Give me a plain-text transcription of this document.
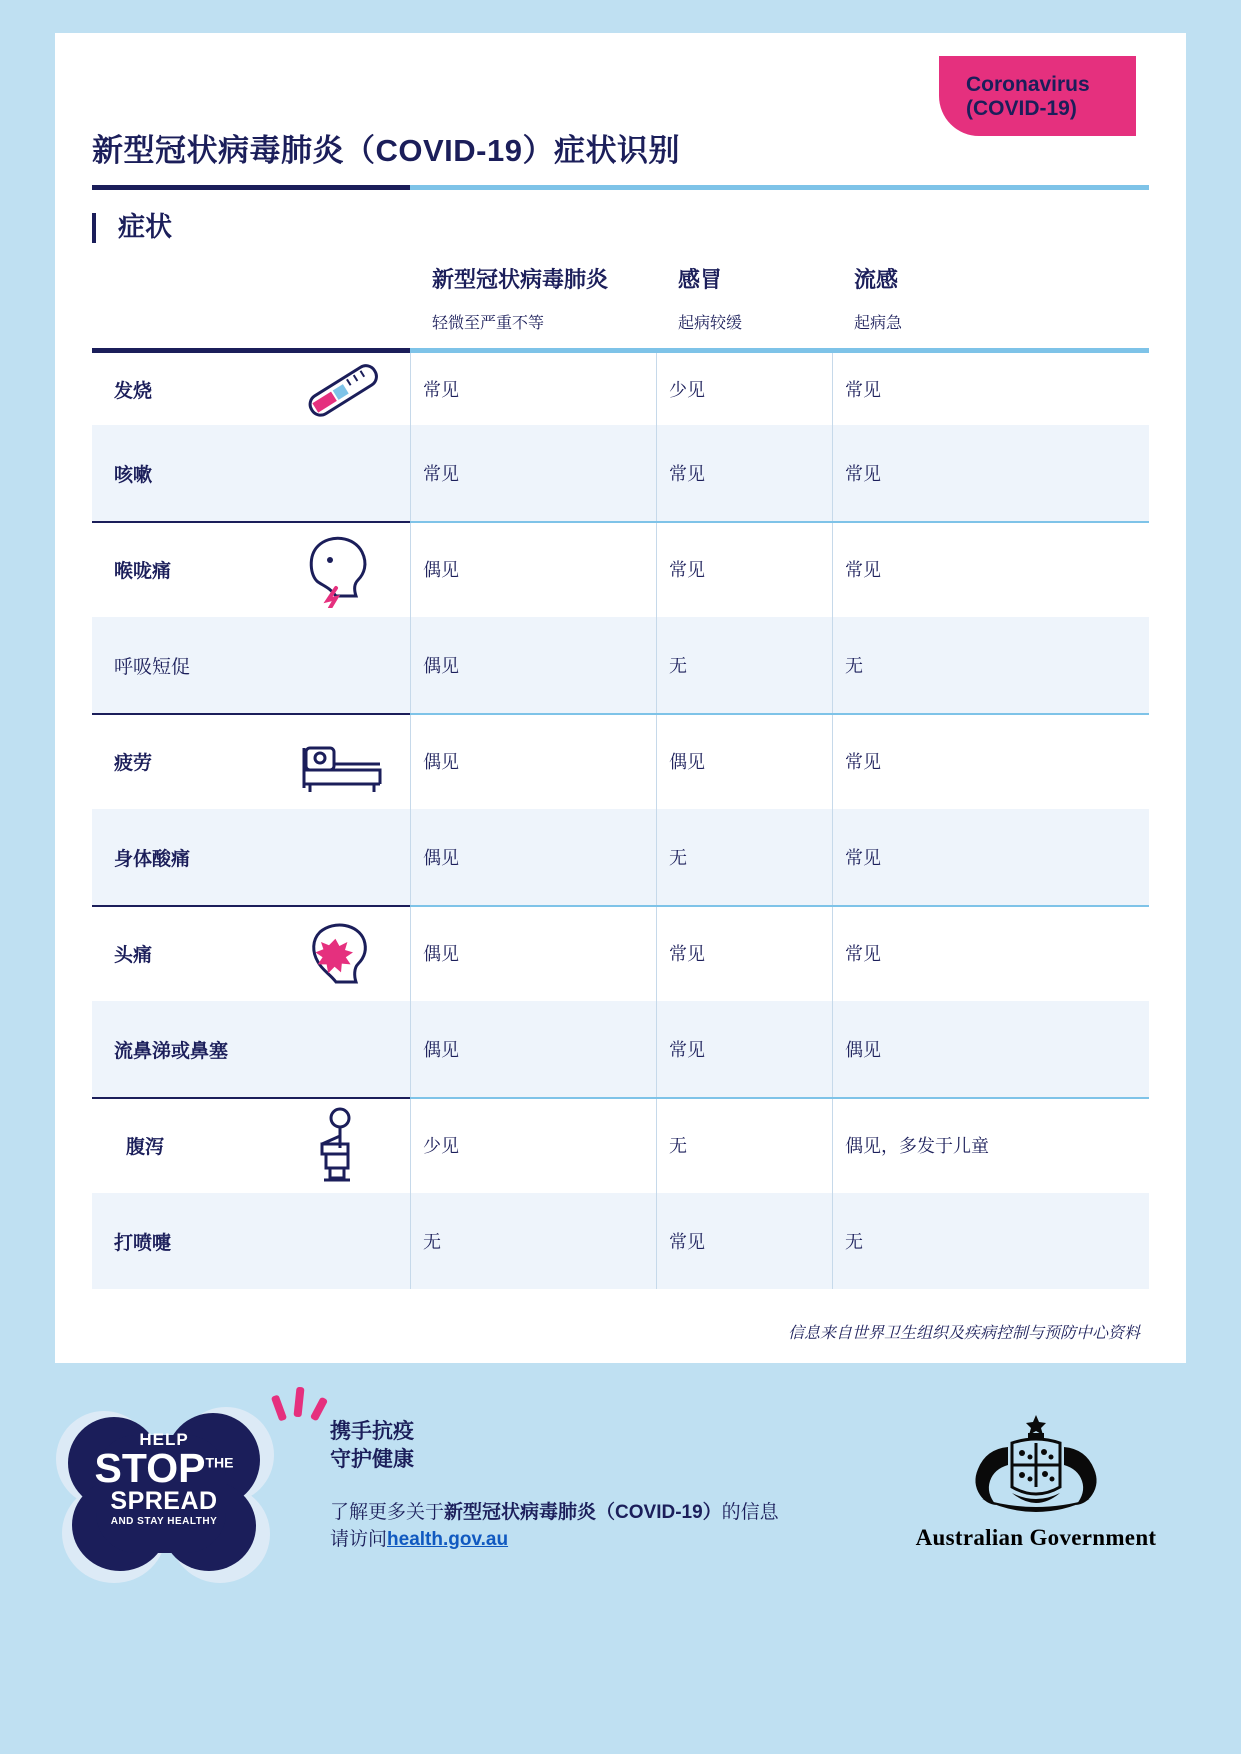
Coronavirus
(COVID-19)
新型冠状病毒肺炎（COVID-19）症状识别
症状
新型冠状病毒肺炎
轻微至严重不等
感冒
起病较缓
流感
起病急
发烧	常见	少见	常见
咳嗽	常见	常见	常见
喉咙痛	偶见	常见	常见
呼吸短促	偶见	无	无
疲劳	偶见	偶见	常见
身体酸痛	偶见	无	常见
头痛	偶见	常见	常见
流鼻涕或鼻塞	偶见	常见	偶见
腹泻	少见	无	偶见，多发于儿童
打喷嚏	无	常见	无
信息来自世界卫生组织及疾病控制与预防中心资料
HELP
$STOP^{THE}$
SPREAD
AND STAY HEALTHY
携手抗疫
守护健康
了解更多关于新型冠状病毒肺炎（COVID-19）的信息
请访问health.gov.au	Australian Government
